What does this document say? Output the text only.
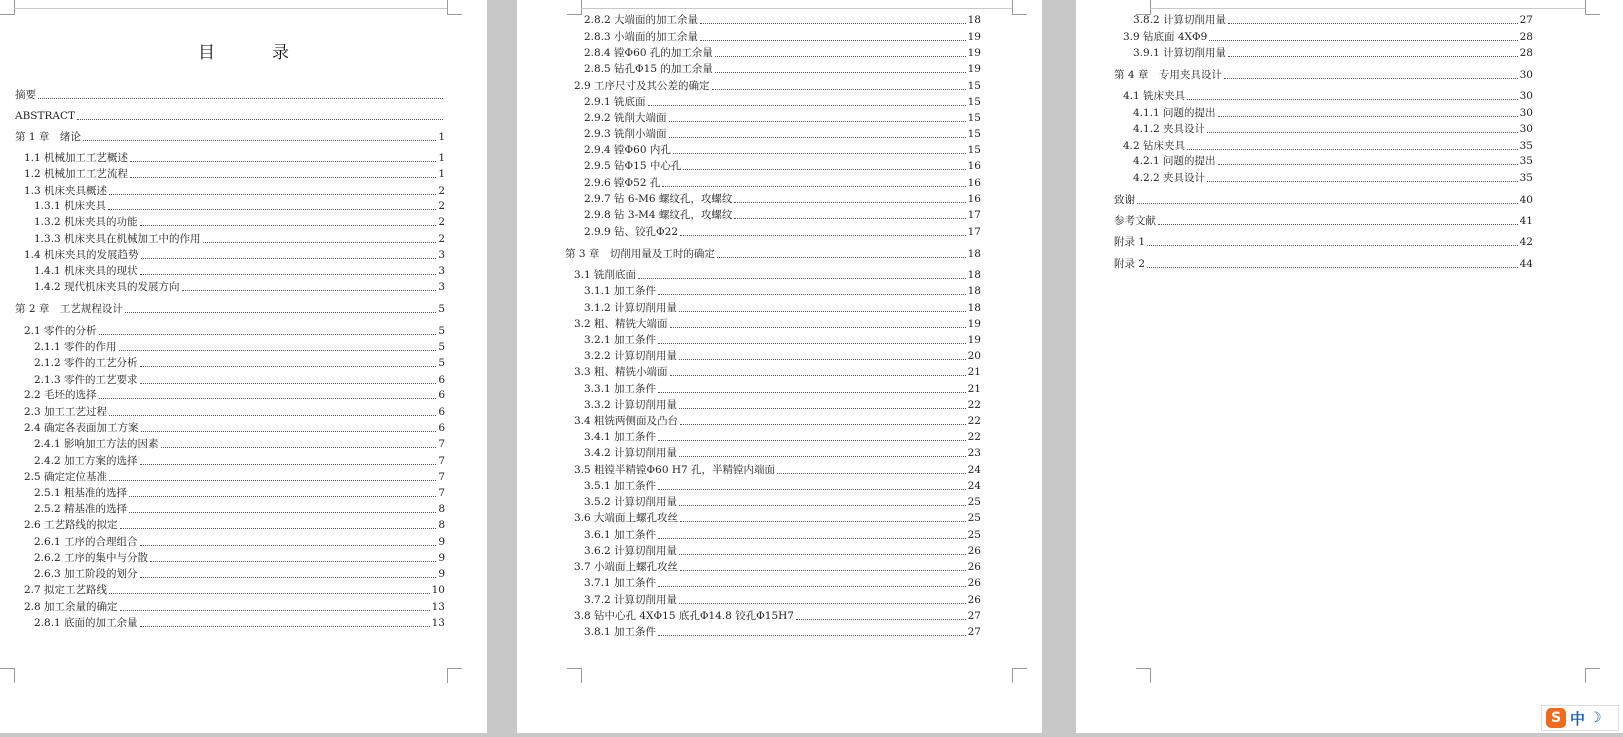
目　录
摘要
ABSTRACT
第 1 章　绪论	1
1.1 机械加工工艺概述	1
1.2 机械加工工艺流程	1
1.3 机床夹具概述	2
1.3.1 机床夹具	2
1.3.2 机床夹具的功能	2
1.3.3 机床夹具在机械加工中的作用	2
1.4 机床夹具的发展趋势	3
1.4.1 机床夹具的现状	3
1.4.2 现代机床夹具的发展方向	3
第 2 章　工艺规程设计	5
2.1 零件的分析	5
2.1.1 零件的作用	5
2.1.2 零件的工艺分析	5
2.1.3 零件的工艺要求	6
2.2 毛坯的选择	6
2.3 加工工艺过程	6
2.4 确定各表面加工方案	6
2.4.1 影响加工方法的因素	7
2.4.2 加工方案的选择	7
2.5 确定定位基准	7
2.5.1 粗基准的选择	7
2.5.2 精基准的选择	8
2.6 工艺路线的拟定	8
2.6.1 工序的合理组合	9
2.6.2 工序的集中与分散	9
2.6.3 加工阶段的划分	9
2.7 拟定工艺路线	10
2.8 加工余量的确定	13
2.8.1 底面的加工余量	13
2.8.2 大端面的加工余量	18
2.8.3 小端面的加工余量	19
2.8.4 镗Φ60 孔的加工余量	19
2.8.5 钻孔Φ15 的加工余量	19
2.9 工序尺寸及其公差的确定	15
2.9.1 铣底面	15
2.9.2 铣削大端面	15
2.9.3 铣削小端面	15
2.9.4 镗Φ60 内孔	15
2.9.5 钻Φ15 中心孔	16
2.9.6 镗Φ52 孔	16
2.9.7 钻 6-M6 螺纹孔，攻螺纹	16
2.9.8 钻 3-M4 螺纹孔，攻螺纹	17
2.9.9 钻、铰孔Φ22	17
第 3 章　切削用量及工时的确定	18
3.1 铣削底面	18
3.1.1 加工条件	18
3.1.2 计算切削用量	18
3.2 粗、精铣大端面	19
3.2.1 加工条件	19
3.2.2 计算切削用量	20
3.3 粗、精铣小端面	21
3.3.1 加工条件	21
3.3.2 计算切削用量	22
3.4 粗铣两侧面及凸台	22
3.4.1 加工条件	22
3.4.2 计算切削用量	23
3.5 粗镗半精镗Φ60 H7 孔，半精镗内端面	24
3.5.1 加工条件	24
3.5.2 计算切削用量	25
3.6 大端面上螺孔攻丝	25
3.6.1 加工条件	25
3.6.2 计算切削用量	26
3.7 小端面上螺孔攻丝	26
3.7.1 加工条件	26
3.7.2 计算切削用量	26
3.8 钻中心孔 4XΦ15 底孔Φ14.8 铰孔Φ15H7	27
3.8.1 加工条件	27
3.8.2 计算切削用量	27
3.9 钻底面 4XΦ9	28
3.9.1 计算切削用量	28
第 4 章　专用夹具设计	30
4.1 铣床夹具	30
4.1.1 问题的提出	30
4.1.2 夹具设计	30
4.2 钻床夹具	35
4.2.1 问题的提出	35
4.2.2 夹具设计	35
致谢	40
参考文献	41
附录 1	42
附录 2	44
S 中 ☽
